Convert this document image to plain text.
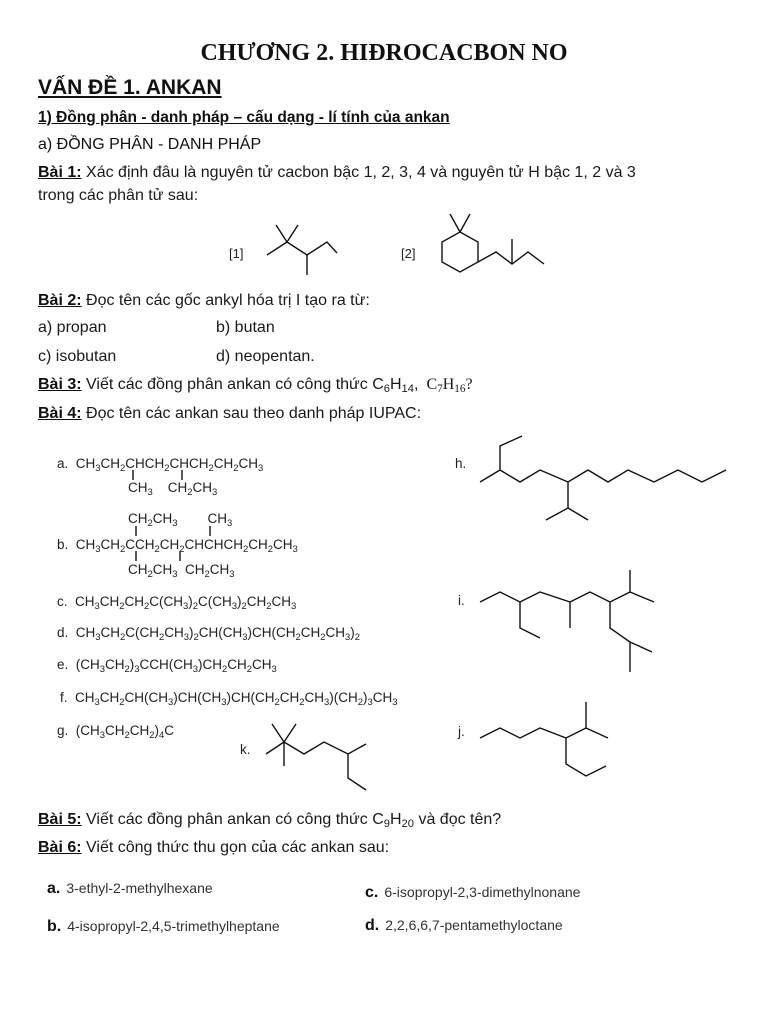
CHƯƠNG 2. HIĐROCACBON NO
VẤN ĐỀ 1. ANKAN
1) Đồng phân - danh pháp – cấu dạng - lí tính của ankan
a) ĐỒNG PHÂN - DANH PHÁP
Bài 1: Xác định đâu là nguyên tử cacbon bậc 1, 2, 3, 4 và nguyên tử H bậc 1, 2 và 3
trong các phân tử sau:
[1]	[2]
Bài 2: Đọc tên các gốc ankyl hóa trị I tạo ra từ:
a) propan	b) butan
c) isobutan	d) neopentan.
Bài 3: Viết các đồng phân ankan có công thức $C_6H_{14}$,  $C_7H_{16}$?
Bài 4: Đọc tên các ankan sau theo danh pháp IUPAC:
a.  $CH_3CH_2CHCH_2CHCH_2CH_2CH_3$
$CH_3$    $CH_2CH_3$
$CH_2CH_3$        $CH_3$
b.  $CH_3CH_2CCH_2CH_2CHCHCH_2CH_2CH_3$
$CH_2CH_3$  $CH_2CH_3$
c.  $CH_3CH_2CH_2C(CH_3)_2C(CH_3)_2CH_2CH_3$
d.  $CH_3CH_2C(CH_2CH_3)_2CH(CH_3)CH(CH_2CH_2CH_3)_2$
e.  $(CH_3CH_2)_3CCH(CH_3)CH_2CH_2CH_3$
f.  $CH_3CH_2CH(CH_3)CH(CH_3)CH(CH_2CH_2CH_3)(CH_2)_3CH_3$
g.  $(CH_3CH_2CH_2)_4C$
h.
i.
j.
k.
Bài 5: Viết các đồng phân ankan có công thức $C_9H_{20}$ và đọc tên?
Bài 6: Viết công thức thu gọn của các ankan sau:
a. 3-ethyl-2-methylhexane
b. 4-isopropyl-2,4,5-trimethylheptane
c. 6-isopropyl-2,3-dimethylnonane
d. 2,2,6,6,7-pentamethyloctane
